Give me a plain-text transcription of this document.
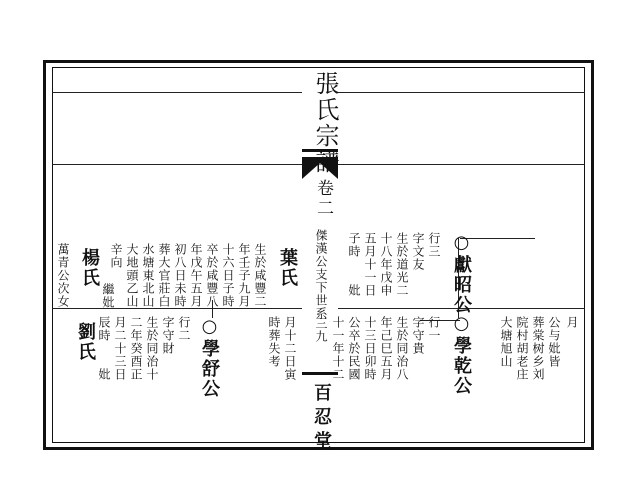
張氏宗譜
卷二
傑漢公支下世系
三九
百忍堂
○獻昭公
行三
字文友
生於道光二
十八年戊申
五月十一日
子時　　妣
○學乾公
行一
字守貴
生於同治八
年己巳五月
十三日卯時
公卒於民國
十一年十二	月
公与妣皆
葬棠树乡刘
院村胡老庄
大塘旭山
月十二日寅
時葬失考
葉氏
生於咸豐二
年壬子九月
十六日子時
卒於咸豐八
年戊午五月
初八日未時
葬大官莊白
水塘東北山
大地頭乙山
辛向
繼妣
楊氏
萬青公次女
○學舒公
行二
字守財
生於同治十
二年癸酉正
月二十三日
辰時　　妣
劉氏
